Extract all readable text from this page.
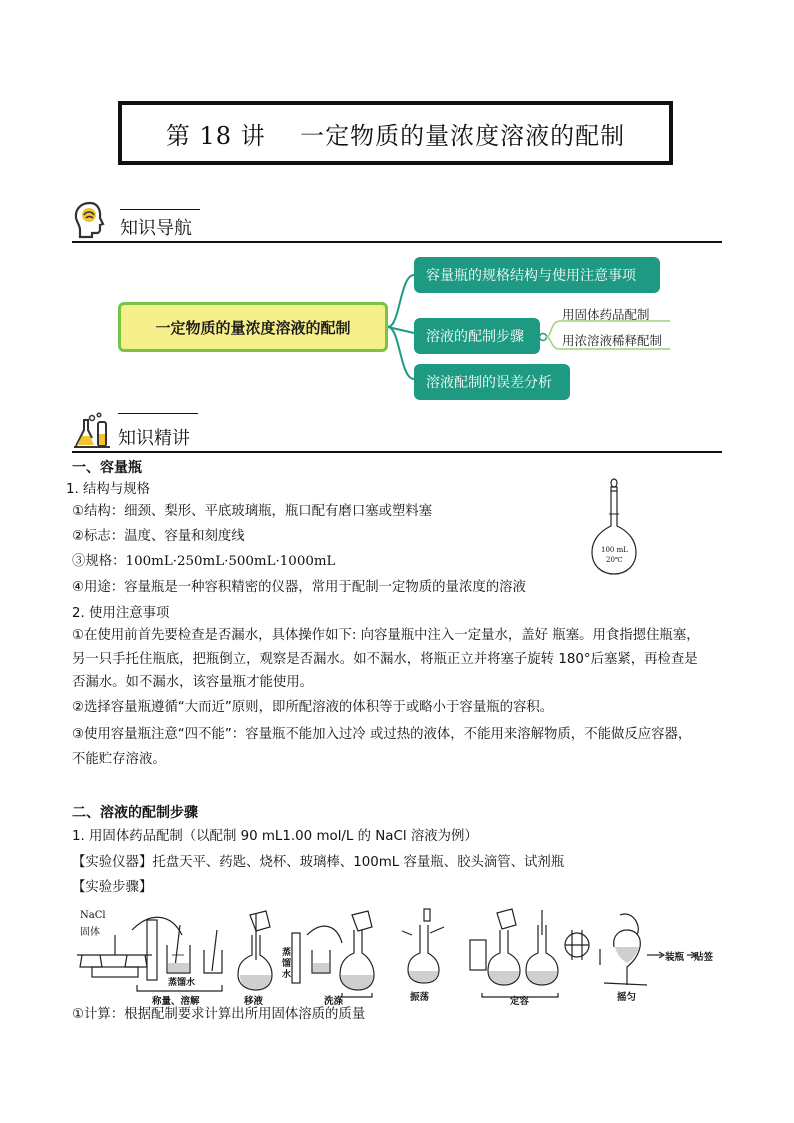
第 18 讲    一定物质的量浓度溶液的配制
知识导航
一定物质的量浓度溶液的配制
容量瓶的规格结构与使用注意事项
溶液的配制步骤
溶液配制的误差分析
用固体药品配制
用浓溶液稀释配制
知识精讲
一、容量瓶
1. 结构与规格
①结构：细颈、梨形、平底玻璃瓶，瓶口配有磨口塞或塑料塞
②标志：温度、容量和刻度线
③规格：100mL·250mL·500mL·1000mL
④用途：容量瓶是一种容积精密的仪器，常用于配制一定物质的量浓度的溶液
100 mL
20℃
2. 使用注意事项
①在使用前首先要检查是否漏水，具体操作如下: 向容量瓶中注入一定量水，盖好 瓶塞。用食指摁住瓶塞，
另一只手托住瓶底，把瓶倒立，观察是否漏水。如不漏水，将瓶正立并将塞子旋转 180°后塞紧，再检查是
否漏水。如不漏水，该容量瓶才能使用。
②选择容量瓶遵循“大而近”原则，即所配溶液的体积等于或略小于容量瓶的容积。
③使用容量瓶注意“四不能”：容量瓶不能加入过冷 或过热的液体，不能用来溶解物质，不能做反应容器，
不能贮存溶液。
二、溶液的配制步骤
1. 用固体药品配制（以配制 90 mL1.00 mol/L 的 NaCl 溶液为例）
【实验仪器】托盘天平、药匙、烧杯、玻璃棒、100mL 容量瓶、胶头滴管、试剂瓶
【实验步骤】
NaCl
固体
蒸馏水
称量、溶解	移液
蒸
馏
水
洗涤	振荡	定容	摇匀
装瓶 贴签
①计算：根据配制要求计算出所用固体溶质的质量
